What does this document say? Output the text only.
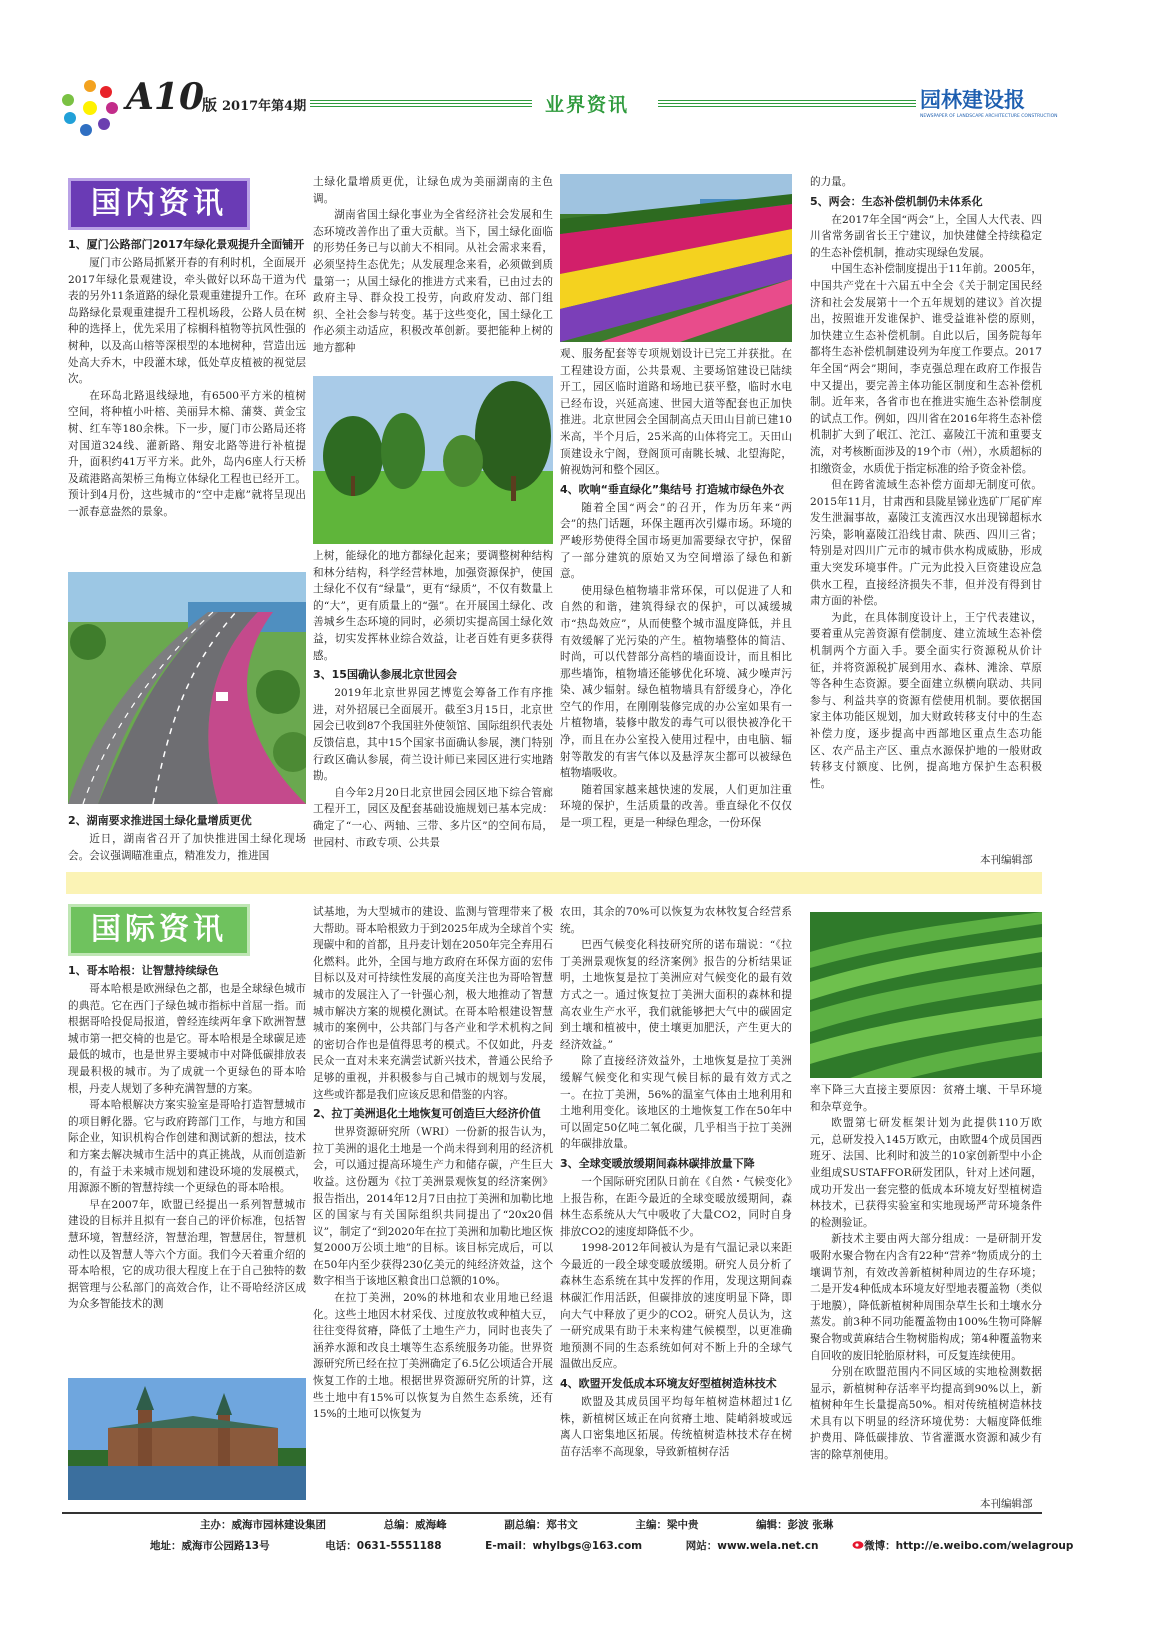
A10
版 2017年第4期	业界资讯	园林建设报
NEWSPAPER OF LANDSCAPE ARCHITECTURE CONSTRUCTION
国内资讯
1、厦门公路部门2017年绿化景观提升全面铺开

厦门市公路局抓紧开春的有利时机，全面展开2017年绿化景观建设，牵头做好以环岛干道为代表的另外11条道路的绿化景观重建提升工作。在环岛路绿化景观重建提升工程机场段，公路人员在树种的选择上，优先采用了棕榈科植物等抗风性强的树种，以及高山榕等深根型的本地树种，营造出远处高大乔木，中段灌木球，低处草皮植被的视觉层次。

在环岛北路退线绿地，有6500平方米的植树空间，将种植小叶榕、美丽异木棉、蒲葵、黄金宝树、红车等180余株。下一步，厦门市公路局还将对国道324线、灌新路、翔安北路等进行补植提升，面积约41万平方米。此外，岛内6座人行天桥及疏港路高架桥三角梅立体绿化工程也已经开工。预计到4月份，这些城市的“空中走廊”就将呈现出一派春意盎然的景象。

2、湖南要求推进国土绿化量增质更优

近日，湖南省召开了加快推进国土绿化现场会。会议强调瞄准重点，精准发力，推进国

土绿化量增质更优，让绿色成为美丽湖南的主色调。

湖南省国土绿化事业为全省经济社会发展和生态环境改善作出了重大贡献。当下，国土绿化面临的形势任务已与以前大不相同。从社会需求来看，必须坚持生态优先；从发展理念来看，必须做到质量第一；从国土绿化的推进方式来看，已由过去的政府主导、群众投工投劳，向政府发动、部门组织、全社会参与转变。基于这些变化，国土绿化工作必须主动适应，积极改革创新。要把能种上树的地方都种

上树，能绿化的地方都绿化起来；要调整树种结构和林分结构，科学经营林地，加强资源保护，使国土绿化不仅有“绿量”，更有“绿质”，不仅有数量上的“大”，更有质量上的“强”。在开展国土绿化、改善城乡生态环境的同时，必须切实提高国土绿化效益，切实发挥林业综合效益，让老百姓有更多获得感。

3、15国确认参展北京世园会

2019年北京世界园艺博览会筹备工作有序推进，对外招展已全面展开。截至3月15日，北京世园会已收到87个我国驻外使领馆、国际组织代表处反馈信息，其中15个国家书面确认参展，澳门特别行政区确认参展，荷兰设计师已来园区进行实地踏勘。

自今年2月20日北京世园会园区地下综合管廊工程开工，园区及配套基础设施规划已基本完成：确定了“一心、两轴、三带、多片区”的空间布局，世园村、市政专项、公共景

观、服务配套等专项规划设计已完工并获批。在工程建设方面，公共景观、主要场馆建设已陆续开工，园区临时道路和场地已获平整，临时水电已经布设，兴延高速、世园大道等配套也正加快推进。北京世园会全国制高点天田山目前已建10米高，半个月后，25米高的山体将完工。天田山顶建设永宁阁，登阁顶可南眺长城、北望海陀，俯视妫河和整个园区。

4、吹响“垂直绿化”集结号 打造城市绿色外衣

随着全国“两会”的召开，作为历年来“两会”的热门话题，环保主题再次引爆市场。环境的严峻形势使得全国市场更加需要绿衣守护，保留了一部分建筑的原始又为空间增添了绿色和新意。

使用绿色植物墙非常环保，可以促进了人和自然的和谐，建筑得绿衣的保护，可以减缓城市“热岛效应”，从而使整个城市温度降低，并且有效缓解了光污染的产生。植物墙整体的简洁、时尚，可以代替部分高档的墙面设计，而且相比那些墙饰，植物墙还能够优化环境、减少噪声污染、减少辐射。绿色植物墙具有舒缓身心，净化空气的作用，在刚刚装修完成的办公室如果有一片植物墙，装修中散发的毒气可以很快被净化干净，而且在办公室投入使用过程中，由电脑、辐射等散发的有害气体以及悬浮灰尘都可以被绿色植物墙吸收。

随着国家越来越快速的发展，人们更加注重环境的保护，生活质量的改善。垂直绿化不仅仅是一项工程，更是一种绿色理念，一份环保

的力量。

5、两会：生态补偿机制仍未体系化

在2017年全国“两会”上，全国人大代表、四川省常务副省长王宁建议，加快建健全持续稳定的生态补偿机制，推动实现绿色发展。

中国生态补偿制度提出于11年前。2005年，中国共产党在十六届五中全会《关于制定国民经济和社会发展第十一个五年规划的建议》首次提出，按照谁开发谁保护、谁受益谁补偿的原则，加快建立生态补偿机制。自此以后，国务院每年都将生态补偿机制建设列为年度工作要点。2017年全国“两会”期间，李克强总理在政府工作报告中又提出，要完善主体功能区制度和生态补偿机制。近年来，各省市也在推进实施生态补偿制度的试点工作。例如，四川省在2016年将生态补偿机制扩大到了岷江、沱江、嘉陵江干流和重要支流，对考核断面涉及的19个市（州），水质超标的扣缴资金，水质优于指定标准的给予资金补偿。

但在跨省流域生态补偿方面却无制度可依。2015年11月，甘肃西和县陇星锑业选矿厂尾矿库发生泄漏事故，嘉陵江支流西汉水出现锑超标水污染，影响嘉陵江沿线甘肃、陕西、四川三省；特别是对四川广元市的城市供水构成威胁，形成重大突发环境事件。广元为此投入巨资建设应急供水工程，直接经济损失不菲，但并没有得到甘肃方面的补偿。

为此，在具体制度设计上，王宁代表建议，要着重从完善资源有偿制度、建立流域生态补偿机制两个方面入手。要全面实行资源税从价计征，并将资源税扩展到用水、森林、滩涂、草原等各种生态资源。要全面建立纵横向联动、共同参与、利益共享的资源有偿使用机制。要依据国家主体功能区规划，加大财政转移支付中的生态补偿力度，逐步提高中西部地区重点生态功能区、农产品主产区、重点水源保护地的一般财政转移支付额度、比例，提高地方保护生态积极性。

本刊编辑部
国际资讯
1、哥本哈根：让智慧持续绿色

哥本哈根是欧洲绿色之都，也是全球绿色城市的典范。它在西门子绿色城市指标中首屈一指。而根据哥哈投促局报道，曾经连续两年拿下欧洲智慧城市第一把交椅的也是它。哥本哈根是全球碳足迹最低的城市，也是世界主要城市中对降低碳排放表现最积极的城市。为了成就一个更绿色的哥本哈根，丹麦人规划了多种充满智慧的方案。

哥本哈根解决方案实验室是哥哈打造智慧城市的项目孵化器。它与政府跨部门工作，与地方和国际企业，知识机构合作创建和测试新的想法，技术和方案去解决城市生活中的真正挑战，从而创造新的，有益于未来城市规划和建设环境的发展模式，用源源不断的智慧持续一个更绿色的哥本哈根。

早在2007年，欧盟已经提出一系列智慧城市建设的目标并且拟有一套自己的评价标准，包括智慧环境，智慧经济，智慧治理，智慧居住，智慧机动性以及智慧人等六个方面。我们今天着重介绍的哥本哈根，它的成功很大程度上在于自己独特的数据管理与公私部门的高效合作，让不哥哈经济区成为众多智能技术的测

试基地，为大型城市的建设、监测与管理带来了极大帮助。哥本哈根致力于到2025年成为全球首个实现碳中和的首都，且丹麦计划在2050年完全弃用石化燃料。此外，全国与地方政府在环保方面的宏伟目标以及对可持续性发展的高度关注也为哥哈智慧城市的发展注入了一针强心剂，极大地推动了智慧城市解决方案的规模化测试。在哥本哈根建设智慧城市的案例中，公共部门与各产业和学术机构之间的密切合作也是值得思考的模式。不仅如此，丹麦民众一直对未来充满尝试新兴技术，普通公民给予足够的重视，并积极参与自己城市的规划与发展，这些或许都是我们应该反思和借鉴的内容。

2、拉丁美洲退化土地恢复可创造巨大经济价值

世界资源研究所（WRI）一份新的报告认为，拉丁美洲的退化土地是一个尚未得到利用的经济机会，可以通过提高环境生产力和储存碳，产生巨大收益。这份题为《拉丁美洲景观恢复的经济案例》报告指出，2014年12月7日由拉丁美洲和加勒比地区的国家与有关国际组织共同提出了“20x20倡议”，制定了“到2020年在拉丁美洲和加勒比地区恢复2000万公顷土地”的目标。该目标完成后，可以在50年内至少获得230亿美元的纯经济效益，这个数字相当于该地区粮食出口总额的10%。

在拉丁美洲，20%的林地和农业用地已经退化。这些土地因木材采伐、过度放牧或种植大豆，往往变得贫瘠，降低了土地生产力，同时也丧失了涵养水源和改良土壤等生态系统服务功能。世界资源研究所已经在拉丁美洲确定了6.5亿公顷适合开展恢复工作的土地。根据世界资源研究所的计算，这些土地中有15%可以恢复为自然生态系统，还有15%的土地可以恢复为

农田，其余的70%可以恢复为农林牧复合经营系统。

巴西气候变化科技研究所的诺布瑞说：“《拉丁美洲景观恢复的经济案例》报告的分析结果证明，土地恢复是拉丁美洲应对气候变化的最有效方式之一。通过恢复拉丁美洲大面积的森林和提高农业生产水平，我们就能够把大气中的碳固定到土壤和植被中，使土壤更加肥沃，产生更大的经济效益。”

除了直接经济效益外，土地恢复是拉丁美洲缓解气候变化和实现气候目标的最有效方式之一。在拉丁美洲，56%的温室气体由土地利用和土地利用变化。该地区的土地恢复工作在50年中可以固定50亿吨二氧化碳，几乎相当于拉丁美洲的年碳排放量。

3、全球变暖放缓期间森林碳排放量下降

一个国际研究团队日前在《自然・气候变化》上报告称，在距今最近的全球变暖放缓期间，森林生态系统从大气中吸收了大量CO2，同时自身排放CO2的速度却降低不少。

1998-2012年间被认为是有气温记录以来距今最近的一段全球变暖放缓期。研究人员分析了森林生态系统在其中发挥的作用，发现这期间森林碳汇作用活跃，但碳排放的速度明显下降，即向大气中释放了更少的CO2。研究人员认为，这一研究成果有助于未来构建气候模型，以更准确地预测不同的生态系统如何对不断上升的全球气温做出反应。

4、欧盟开发低成本环境友好型植树造林技术

欧盟及其成员国平均每年植树造林超过1亿株，新植树区域正在向贫瘠土地、陡峭斜坡或远离人口密集地区拓展。传统植树造林技术存在树苗存活率不高现象，导致新植树存活

率下降三大直接主要原因：贫瘠土壤、干旱环境和杂草竞争。

欧盟第七研发框架计划为此提供110万欧元，总研发投入145万欧元，由欧盟4个成员国西班牙、法国、比利时和波兰的10家创新型中小企业组成SUSTAFFOR研发团队，针对上述问题，成功开发出一套完整的低成本环境友好型植树造林技术，已获得实验室和实地现场严苛环境条件的检测验证。

新技术主要由两大部分组成：一是研制开发吸附水聚合物在内含有22种“营养”物质成分的土壤调节剂，有效改善新植树种周边的生存环境；二是开发4种低成本环境友好型地表覆盖物（类似于地膜），降低新植树种周围杂草生长和土壤水分蒸发。前3种不同功能覆盖物由100%生物可降解聚合物或黄麻结合生物树脂构成；第4种覆盖物来自回收的废旧轮胎原材料，可反复连续使用。

分别在欧盟范围内不同区域的实地检测数据显示，新植树种存活率平均提高到90%以上，新植树种年生长量提高50%。相对传统植树造林技术具有以下明显的经济环境优势：大幅度降低维护费用、降低碳排放、节省灌溉水资源和减少有害的除草剂使用。

本刊编辑部
主办：威海市园林建设集团	总编：威海峰	副总编：郑书文	主编：梁中贵	编辑：彭波 张琳
地址：威海市公园路13号	电话：0631-5551188	E-mail：whylbgs@163.com	网站：www.wela.net.cn	微博：http://e.weibo.com/welagroup
